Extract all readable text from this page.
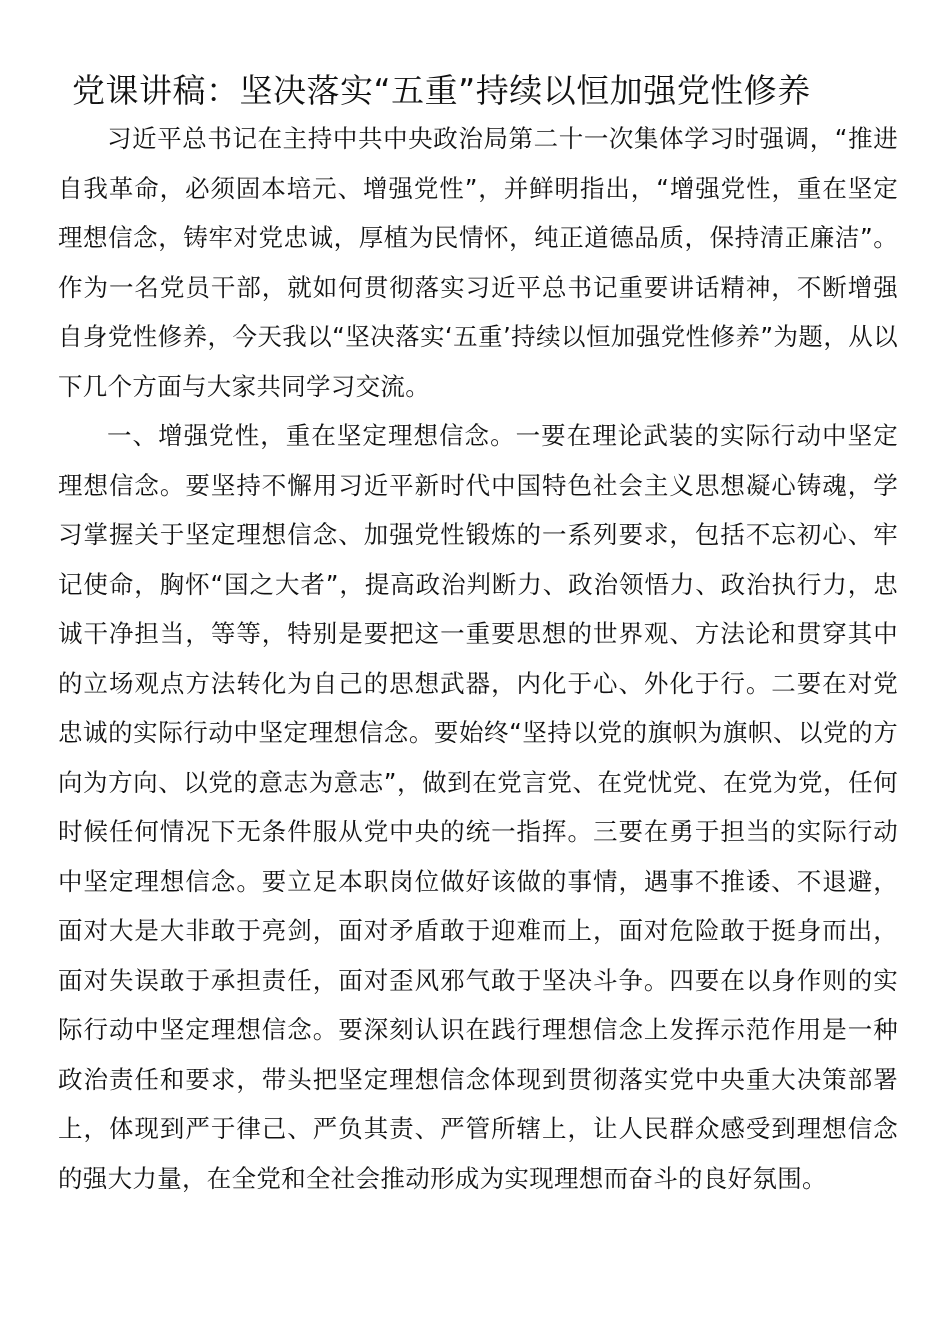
党课讲稿：坚决落实“五重”持续以恒加强党性修养

习近平总书记在主持中共中央政治局第二十一次集体学习时强调，“推进自我革命，必须固本培元、增强党性”，并鲜明指出，“增强党性，重在坚定理想信念，铸牢对党忠诚，厚植为民情怀，纯正道德品质，保持清正廉洁”。作为一名党员干部，就如何贯彻落实习近平总书记重要讲话精神，不断增强自身党性修养，今天我以“坚决落实‘五重’持续以恒加强党性修养”为题，从以下几个方面与大家共同学习交流。

一、增强党性，重在坚定理想信念。一要在理论武装的实际行动中坚定理想信念。要坚持不懈用习近平新时代中国特色社会主义思想凝心铸魂，学习掌握关于坚定理想信念、加强党性锻炼的一系列要求，包括不忘初心、牢记使命，胸怀“国之大者”，提高政治判断力、政治领悟力、政治执行力，忠诚干净担当，等等，特别是要把这一重要思想的世界观、方法论和贯穿其中的立场观点方法转化为自己的思想武器，内化于心、外化于行。二要在对党忠诚的实际行动中坚定理想信念。要始终“坚持以党的旗帜为旗帜、以党的方向为方向、以党的意志为意志”，做到在党言党、在党忧党、在党为党，任何时候任何情况下无条件服从党中央的统一指挥。三要在勇于担当的实际行动中坚定理想信念。要立足本职岗位做好该做的事情，遇事不推诿、不退避，面对大是大非敢于亮剑，面对矛盾敢于迎难而上，面对危险敢于挺身而出，面对失误敢于承担责任，面对歪风邪气敢于坚决斗争。四要在以身作则的实际行动中坚定理想信念。要深刻认识在践行理想信念上发挥示范作用是一种政治责任和要求，带头把坚定理想信念体现到贯彻落实党中央重大决策部署上，体现到严于律己、严负其责、严管所辖上，让人民群众感受到理想信念的强大力量，在全党和全社会推动形成为实现理想而奋斗的良好氛围。
